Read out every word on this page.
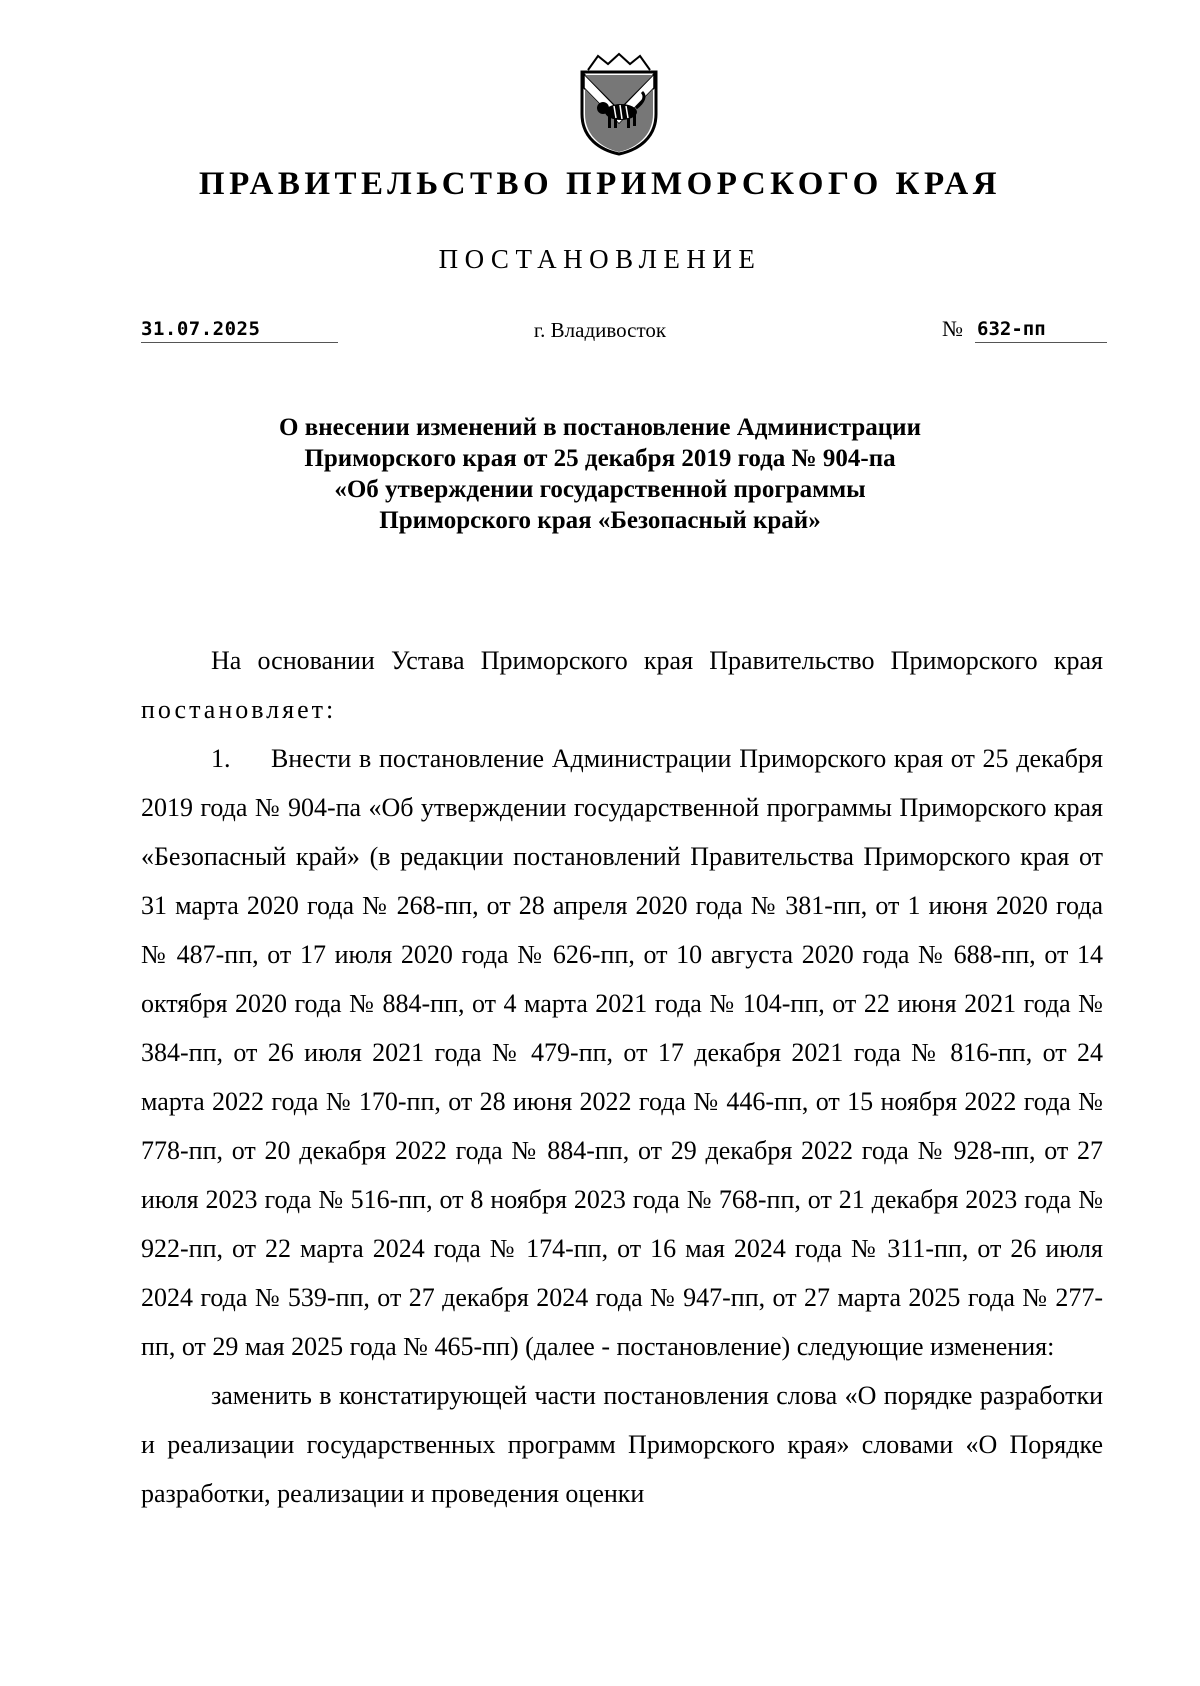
ПРАВИТЕЛЬСТВО ПРИМОРСКОГО КРАЯ
ПОСТАНОВЛЕНИЕ
31.07.2025	г. Владивосток	№ 632-пп
О внесении изменений в постановление Администрации
Приморского края от 25 декабря 2019 года № 904-па
«Об утверждении государственной программы
Приморского края «Безопасный край»

На основании Устава Приморского края Правительство Приморского края постановляет:

1. Внести в постановление Администрации Приморского края от 25 декабря 2019 года № 904-па «Об утверждении государственной программы Приморского края «Безопасный край» (в редакции постановлений Правительства Приморского края от 31 марта 2020 года № 268-пп, от 28 апреля 2020 года № 381-пп, от 1 июня 2020 года № 487-пп, от 17 июля 2020 года № 626-пп, от 10 августа 2020 года № 688-пп, от 14 октября 2020 года № 884-пп, от 4 марта 2021 года № 104-пп, от 22 июня 2021 года № 384-пп, от 26 июля 2021 года № 479-пп, от 17 декабря 2021 года № 816-пп, от 24 марта 2022 года № 170-пп, от 28 июня 2022 года № 446-пп, от 15 ноября 2022 года № 778-пп, от 20 декабря 2022 года № 884-пп, от 29 декабря 2022 года № 928-пп, от 27 июля 2023 года № 516-пп, от 8 ноября 2023 года № 768-пп, от 21 декабря 2023 года № 922-пп, от 22 марта 2024 года № 174-пп, от 16 мая 2024 года № 311-пп, от 26 июля 2024 года № 539-пп, от 27 декабря 2024 года № 947-пп, от 27 марта 2025 года № 277-пп, от 29 мая 2025 года № 465-пп) (далее - постановление) следующие изменения:

заменить в констатирующей части постановления слова «О порядке разработки и реализации государственных программ Приморского края» словами «О Порядке разработки, реализации и проведения оценки
